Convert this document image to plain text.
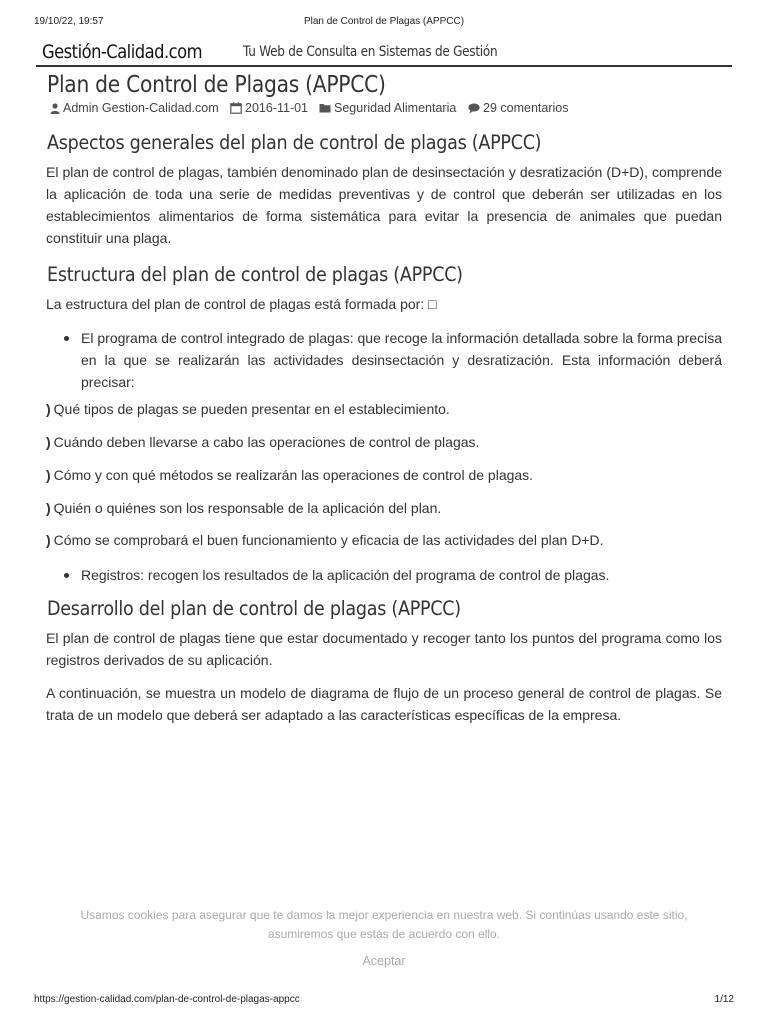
19/10/22, 19:57	Plan de Control de Plagas (APPCC)
Gestión-Calidad.com	Tu Web de Consulta en Sistemas de Gestión
Plan de Control de Plagas (APPCC)
Admin Gestion-Calidad.com 2016-11-01 Seguridad Alimentaria 29 comentarios
Aspectos generales del plan de control de plagas (APPCC)

El plan de control de plagas, también denominado plan de desinsectación y desratización (D+D), comprende la aplicación de toda una serie de medidas preventivas y de control que deberán ser utilizadas en los establecimientos alimentarios de forma sistemática para evitar la presencia de animales que puedan constituir una plaga.

Estructura del plan de control de plagas (APPCC)

La estructura del plan de control de plagas está formada por: □

El programa de control integrado de plagas: que recoge la información detallada sobre la forma precisa en la que se realizarán las actividades desinsectación y desratización. Esta información deberá precisar:

) Qué tipos de plagas se pueden presentar en el establecimiento.
) Cuándo deben llevarse a cabo las operaciones de control de plagas.
) Cómo y con qué métodos se realizarán las operaciones de control de plagas.
) Quién o quiénes son los responsable de la aplicación del plan.
) Cómo se comprobará el buen funcionamiento y eficacia de las actividades del plan D+D.

Registros: recogen los resultados de la aplicación del programa de control de plagas.

Desarrollo del plan de control de plagas (APPCC)

El plan de control de plagas tiene que estar documentado y recoger tanto los puntos del programa como los registros derivados de su aplicación.

A continuación, se muestra un modelo de diagrama de flujo de un proceso general de control de plagas. Se trata de un modelo que deberá ser adaptado a las características específicas de la empresa.

Usamos cookies para asegurar que te damos la mejor experiencia en nuestra web. Si continúas usando este sitio, asumiremos que estás de acuerdo con ello.

Aceptar
https://gestion-calidad.com/plan-de-control-de-plagas-appcc	1/12
